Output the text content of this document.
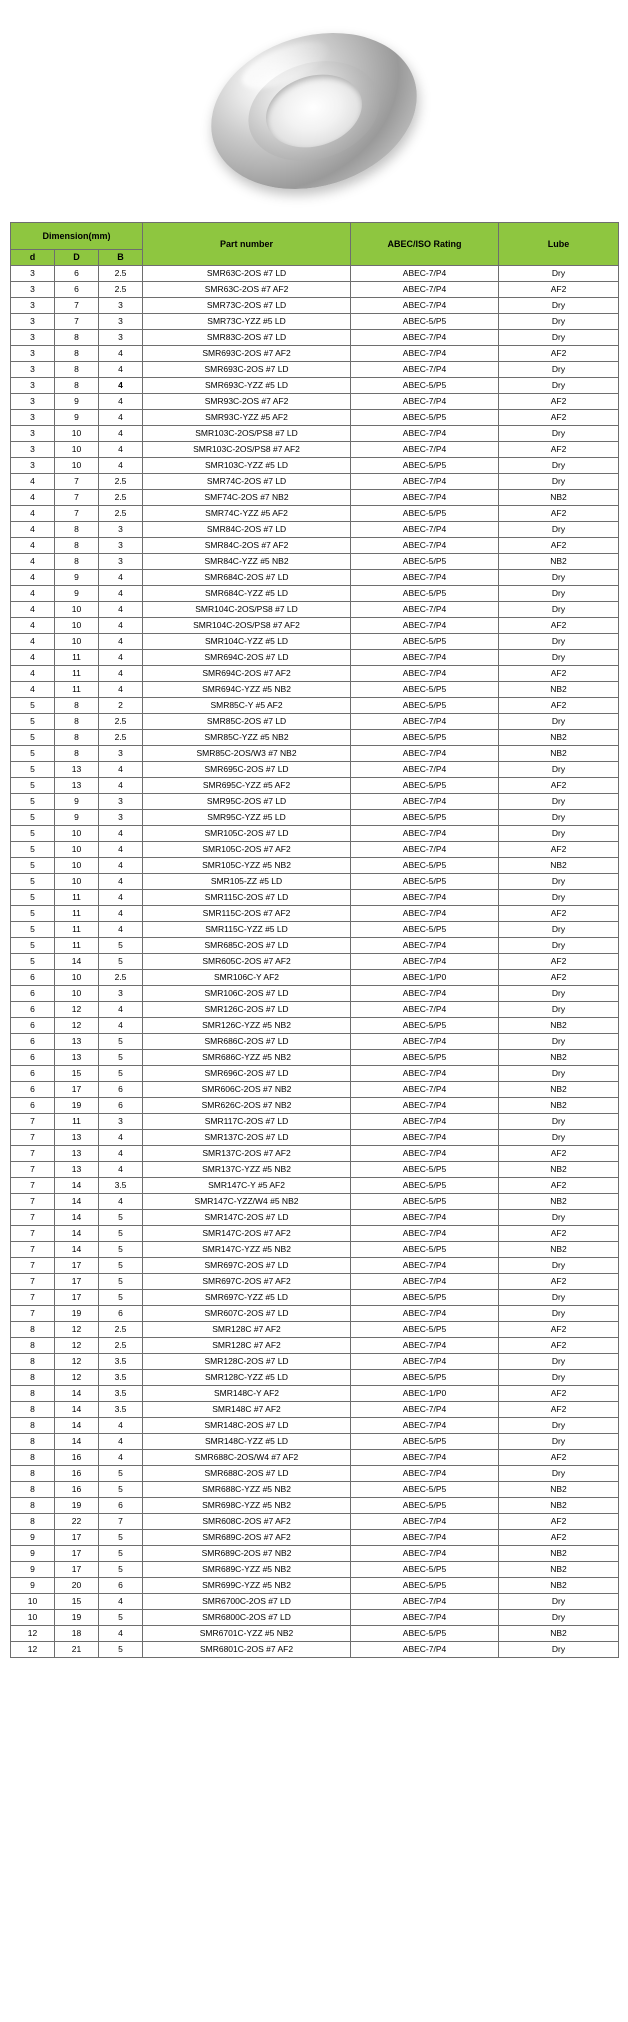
Dimension(mm)			Part number	ABEC/ISO Rating	Lube
d	D	B			
3	6	2.5	SMR63C-2OS #7 LD	ABEC-7/P4	Dry
3	6	2.5	SMR63C-2OS #7 AF2	ABEC-7/P4	AF2
3	7	3	SMR73C-2OS #7 LD	ABEC-7/P4	Dry
3	7	3	SMR73C-YZZ #5 LD	ABEC-5/P5	Dry
3	8	3	SMR83C-2OS #7 LD	ABEC-7/P4	Dry
3	8	4	SMR693C-2OS #7 AF2	ABEC-7/P4	AF2
3	8	4	SMR693C-2OS #7 LD	ABEC-7/P4	Dry
3	8	4	SMR693C-YZZ #5 LD	ABEC-5/P5	Dry
3	9	4	SMR93C-2OS #7 AF2	ABEC-7/P4	AF2
3	9	4	SMR93C-YZZ #5 AF2	ABEC-5/P5	AF2
3	10	4	SMR103C-2OS/PS8 #7 LD	ABEC-7/P4	Dry
3	10	4	SMR103C-2OS/PS8 #7 AF2	ABEC-7/P4	AF2
3	10	4	SMR103C-YZZ #5 LD	ABEC-5/P5	Dry
4	7	2.5	SMR74C-2OS #7 LD	ABEC-7/P4	Dry
4	7	2.5	SMF74C-2OS #7 NB2	ABEC-7/P4	NB2
4	7	2.5	SMR74C-YZZ #5 AF2	ABEC-5/P5	AF2
4	8	3	SMR84C-2OS #7 LD	ABEC-7/P4	Dry
4	8	3	SMR84C-2OS #7 AF2	ABEC-7/P4	AF2
4	8	3	SMR84C-YZZ #5 NB2	ABEC-5/P5	NB2
4	9	4	SMR684C-2OS #7 LD	ABEC-7/P4	Dry
4	9	4	SMR684C-YZZ #5 LD	ABEC-5/P5	Dry
4	10	4	SMR104C-2OS/PS8 #7 LD	ABEC-7/P4	Dry
4	10	4	SMR104C-2OS/PS8 #7 AF2	ABEC-7/P4	AF2
4	10	4	SMR104C-YZZ #5 LD	ABEC-5/P5	Dry
4	11	4	SMR694C-2OS #7 LD	ABEC-7/P4	Dry
4	11	4	SMR694C-2OS #7 AF2	ABEC-7/P4	AF2
4	11	4	SMR694C-YZZ #5 NB2	ABEC-5/P5	NB2
5	8	2	SMR85C-Y #5 AF2	ABEC-5/P5	AF2
5	8	2.5	SMR85C-2OS #7 LD	ABEC-7/P4	Dry
5	8	2.5	SMR85C-YZZ #5 NB2	ABEC-5/P5	NB2
5	8	3	SMR85C-2OS/W3 #7 NB2	ABEC-7/P4	NB2
5	13	4	SMR695C-2OS #7 LD	ABEC-7/P4	Dry
5	13	4	SMR695C-YZZ #5 AF2	ABEC-5/P5	AF2
5	9	3	SMR95C-2OS #7 LD	ABEC-7/P4	Dry
5	9	3	SMR95C-YZZ #5 LD	ABEC-5/P5	Dry
5	10	4	SMR105C-2OS #7 LD	ABEC-7/P4	Dry
5	10	4	SMR105C-2OS #7 AF2	ABEC-7/P4	AF2
5	10	4	SMR105C-YZZ #5 NB2	ABEC-5/P5	NB2
5	10	4	SMR105-ZZ #5 LD	ABEC-5/P5	Dry
5	11	4	SMR115C-2OS #7 LD	ABEC-7/P4	Dry
5	11	4	SMR115C-2OS #7 AF2	ABEC-7/P4	AF2
5	11	4	SMR115C-YZZ #5 LD	ABEC-5/P5	Dry
5	11	5	SMR685C-2OS #7 LD	ABEC-7/P4	Dry
5	14	5	SMR605C-2OS #7 AF2	ABEC-7/P4	AF2
6	10	2.5	SMR106C-Y AF2	ABEC-1/P0	AF2
6	10	3	SMR106C-2OS #7 LD	ABEC-7/P4	Dry
6	12	4	SMR126C-2OS #7 LD	ABEC-7/P4	Dry
6	12	4	SMR126C-YZZ #5 NB2	ABEC-5/P5	NB2
6	13	5	SMR686C-2OS #7 LD	ABEC-7/P4	Dry
6	13	5	SMR686C-YZZ #5 NB2	ABEC-5/P5	NB2
6	15	5	SMR696C-2OS #7 LD	ABEC-7/P4	Dry
6	17	6	SMR606C-2OS #7 NB2	ABEC-7/P4	NB2
6	19	6	SMR626C-2OS #7 NB2	ABEC-7/P4	NB2
7	11	3	SMR117C-2OS #7 LD	ABEC-7/P4	Dry
7	13	4	SMR137C-2OS #7 LD	ABEC-7/P4	Dry
7	13	4	SMR137C-2OS #7 AF2	ABEC-7/P4	AF2
7	13	4	SMR137C-YZZ #5 NB2	ABEC-5/P5	NB2
7	14	3.5	SMR147C-Y #5 AF2	ABEC-5/P5	AF2
7	14	4	SMR147C-YZZ/W4 #5 NB2	ABEC-5/P5	NB2
7	14	5	SMR147C-2OS #7 LD	ABEC-7/P4	Dry
7	14	5	SMR147C-2OS #7 AF2	ABEC-7/P4	AF2
7	14	5	SMR147C-YZZ #5 NB2	ABEC-5/P5	NB2
7	17	5	SMR697C-2OS #7 LD	ABEC-7/P4	Dry
7	17	5	SMR697C-2OS #7 AF2	ABEC-7/P4	AF2
7	17	5	SMR697C-YZZ #5 LD	ABEC-5/P5	Dry
7	19	6	SMR607C-2OS #7 LD	ABEC-7/P4	Dry
8	12	2.5	SMR128C #7 AF2	ABEC-5/P5	AF2
8	12	2.5	SMR128C #7 AF2	ABEC-7/P4	AF2
8	12	3.5	SMR128C-2OS #7 LD	ABEC-7/P4	Dry
8	12	3.5	SMR128C-YZZ #5 LD	ABEC-5/P5	Dry
8	14	3.5	SMR148C-Y AF2	ABEC-1/P0	AF2
8	14	3.5	SMR148C #7 AF2	ABEC-7/P4	AF2
8	14	4	SMR148C-2OS #7 LD	ABEC-7/P4	Dry
8	14	4	SMR148C-YZZ #5 LD	ABEC-5/P5	Dry
8	16	4	SMR688C-2OS/W4 #7 AF2	ABEC-7/P4	AF2
8	16	5	SMR688C-2OS #7 LD	ABEC-7/P4	Dry
8	16	5	SMR688C-YZZ #5 NB2	ABEC-5/P5	NB2
8	19	6	SMR698C-YZZ #5 NB2	ABEC-5/P5	NB2
8	22	7	SMR608C-2OS #7 AF2	ABEC-7/P4	AF2
9	17	5	SMR689C-2OS #7 AF2	ABEC-7/P4	AF2
9	17	5	SMR689C-2OS #7 NB2	ABEC-7/P4	NB2
9	17	5	SMR689C-YZZ #5 NB2	ABEC-5/P5	NB2
9	20	6	SMR699C-YZZ #5 NB2	ABEC-5/P5	NB2
10	15	4	SMR6700C-2OS #7 LD	ABEC-7/P4	Dry
10	19	5	SMR6800C-2OS #7 LD	ABEC-7/P4	Dry
12	18	4	SMR6701C-YZZ #5 NB2	ABEC-5/P5	NB2
12	21	5	SMR6801C-2OS #7 AF2	ABEC-7/P4	Dry
